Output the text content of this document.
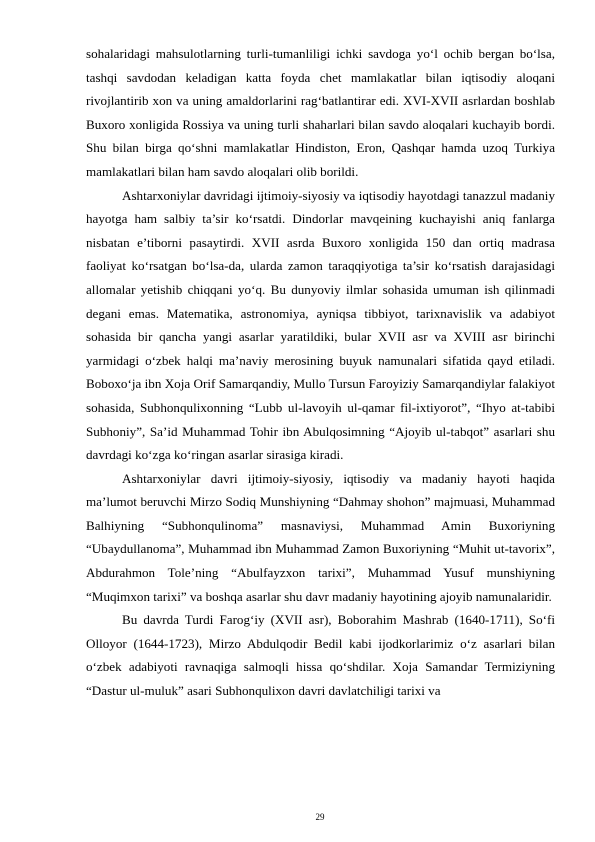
sohalaridagi mahsulotlarning turli-tumanliligi ichki savdoga yo‘l ochib bergan bo‘lsa, tashqi savdodan keladigan katta foyda chet mamlakatlar bilan iqtisodiy aloqani rivojlantirib xon va uning amaldorlarini rag‘batlantirar edi. XVI-XVII asrlardan boshlab Buxoro xonligida Rossiya va uning turli shaharlari bilan savdo aloqalari kuchayib bordi. Shu bilan birga qo‘shni mamlakatlar Hindiston, Eron, Qashqar hamda uzoq Turkiya mamlakatlari bilan ham savdo aloqalari olib borildi.

Ashtarxoniylar davridagi ijtimoiy-siyosiy va iqtisodiy hayotdagi tanazzul madaniy hayotga ham salbiy ta’sir ko‘rsatdi. Dindorlar mavqeining kuchayishi aniq fanlarga nisbatan e’tiborni pasaytirdi. XVII asrda Buxoro xonligida 150 dan ortiq madrasa faoliyat ko‘rsatgan bo‘lsa-da, ularda zamon taraqqiyotiga ta’sir ko‘rsatish darajasidagi allomalar yetishib chiqqani yo‘q. Bu dunyoviy ilmlar sohasida umuman ish qilinmadi degani emas. Matematika, astronomiya, ayniqsa tibbiyot, tarixnavislik va adabiyot sohasida bir qancha yangi asarlar yaratildiki, bular XVII asr va XVIII asr birinchi yarmidagi o‘zbek halqi ma’naviy merosining buyuk namunalari sifatida qayd etiladi. Boboxo‘ja ibn Xoja Orif Samarqandiy, Mullo Tursun Faroyiziy Samarqandiylar falakiyot sohasida, Subhonqulixonning “Lubb ul-lavoyih ul-qamar fil-ixtiyorot”, “Ihyo at-tabibi Subhoniy”, Sa’id Muhammad Tohir ibn Abulqosimning “Ajoyib ul-tabqot” asarlari shu davrdagi ko‘zga ko‘ringan asarlar sirasiga kiradi.

Ashtarxoniylar davri ijtimoiy-siyosiy, iqtisodiy va madaniy hayoti haqida ma’lumot beruvchi Mirzo Sodiq Munshiyning “Dahmay shohon” majmuasi, Muhammad Balhiyning “Subhonqulinoma” masnaviysi, Muhammad Amin Buxoriyning “Ubaydullanoma”, Muhammad ibn Muhammad Zamon Buxoriyning “Muhit ut-tavorix”, Abdurahmon Tole’ning “Abulfayzxon tarixi”, Muhammad Yusuf munshiyning “Muqimxon tarixi” va boshqa asarlar shu davr madaniy hayotining ajoyib namunalaridir.

Bu davrda Turdi Farog‘iy (XVII asr), Boborahim Mashrab (1640-1711), So‘fi Olloyor (1644-1723), Mirzo Abdulqodir Bedil kabi ijodkorlarimiz o‘z asarlari bilan o‘zbek adabiyoti ravnaqiga salmoqli hissa qo‘shdilar. Xoja Samandar Termiziyning “Dastur ul-muluk” asari Subhonqulixon davri davlatchiligi tarixi va

29
